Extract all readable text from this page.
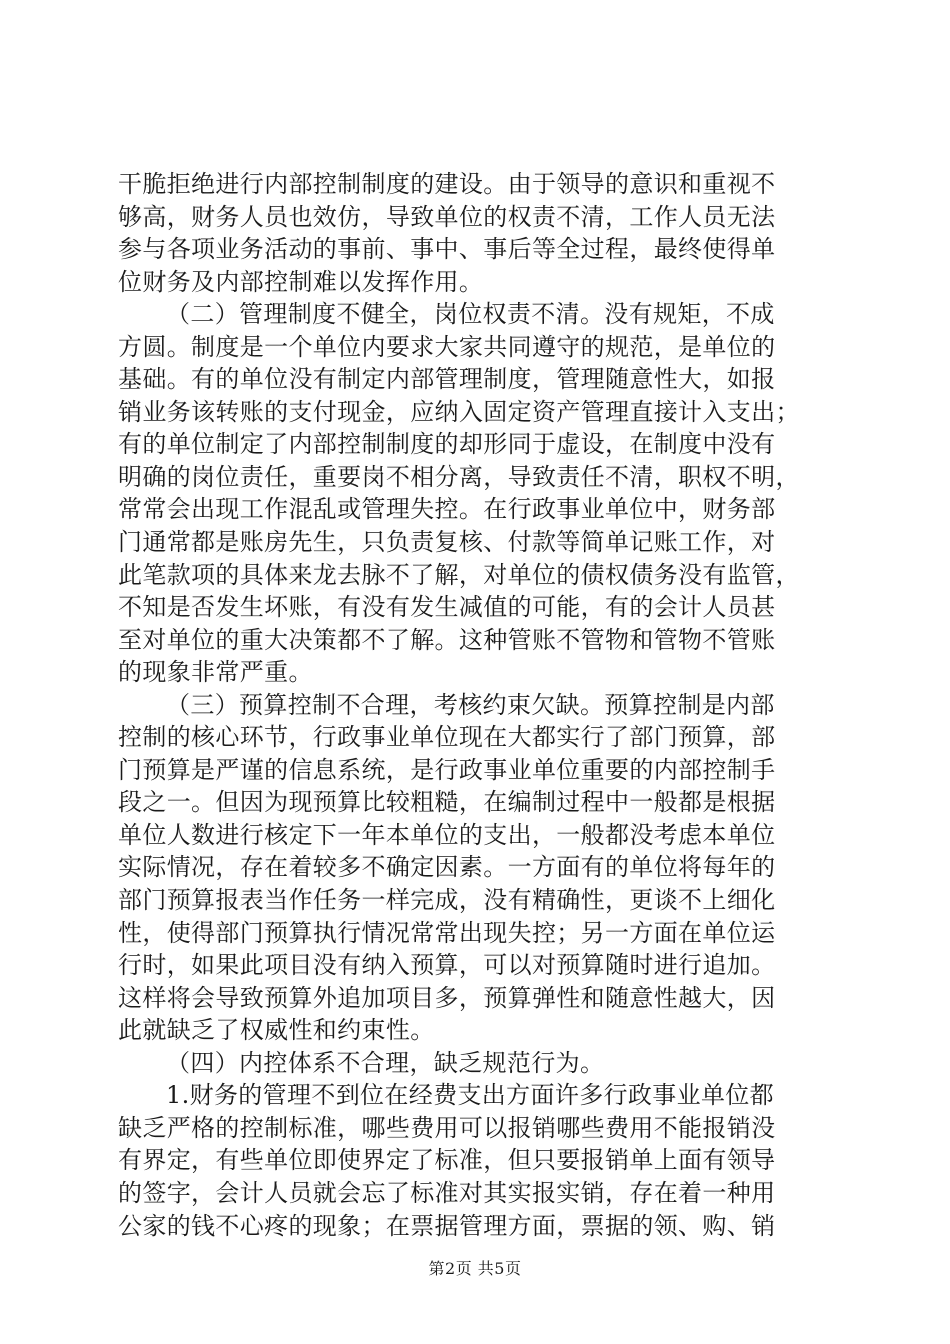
干脆拒绝进行内部控制制度的建设。由于领导的意识和重视不
够高，财务人员也效仿，导致单位的权责不清，工作人员无法
参与各项业务活动的事前、事中、事后等全过程，最终使得单
位财务及内部控制难以发挥作用。
（二）管理制度不健全，岗位权责不清。没有规矩，不成
方圆。制度是一个单位内要求大家共同遵守的规范，是单位的
基础。有的单位没有制定内部管理制度，管理随意性大，如报
销业务该转账的支付现金，应纳入固定资产管理直接计入支出；
有的单位制定了内部控制制度的却形同于虚设，在制度中没有
明确的岗位责任，重要岗不相分离，导致责任不清，职权不明，
常常会出现工作混乱或管理失控。在行政事业单位中，财务部
门通常都是账房先生，只负责复核、付款等简单记账工作，对
此笔款项的具体来龙去脉不了解，对单位的债权债务没有监管，
不知是否发生坏账，有没有发生减值的可能，有的会计人员甚
至对单位的重大决策都不了解。这种管账不管物和管物不管账
的现象非常严重。
（三）预算控制不合理，考核约束欠缺。预算控制是内部
控制的核心环节，行政事业单位现在大都实行了部门预算，部
门预算是严谨的信息系统，是行政事业单位重要的内部控制手
段之一。但因为现预算比较粗糙，在编制过程中一般都是根据
单位人数进行核定下一年本单位的支出，一般都没考虑本单位
实际情况，存在着较多不确定因素。一方面有的单位将每年的
部门预算报表当作任务一样完成，没有精确性，更谈不上细化
性，使得部门预算执行情况常常出现失控；另一方面在单位运
行时，如果此项目没有纳入预算，可以对预算随时进行追加。
这样将会导致预算外追加项目多，预算弹性和随意性越大，因
此就缺乏了权威性和约束性。
（四）内控体系不合理，缺乏规范行为。
1.财务的管理不到位在经费支出方面许多行政事业单位都
缺乏严格的控制标准，哪些费用可以报销哪些费用不能报销没
有界定，有些单位即使界定了标准，但只要报销单上面有领导
的签字，会计人员就会忘了标准对其实报实销，存在着一种用
公家的钱不心疼的现象；在票据管理方面，票据的领、购、销
第2页 共5页
